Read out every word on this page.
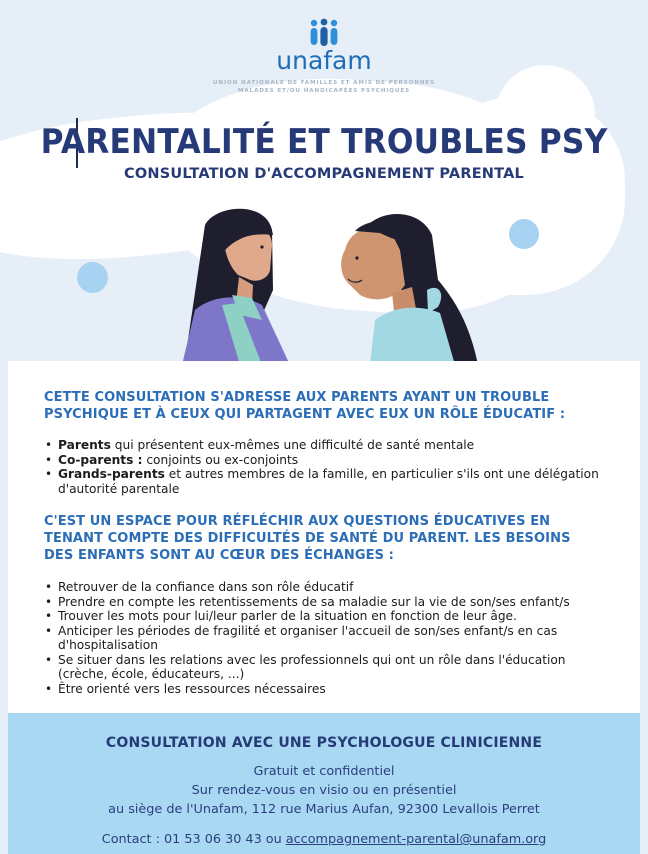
unafam
UNION NATIONALE DE FAMILLES ET AMIS DE PERSONNES
MALADES ET/OU HANDICAPÉES PSYCHIQUES
PARENTALITÉ ET TROUBLES PSY
CONSULTATION D'ACCOMPAGNEMENT PARENTAL
CETTE CONSULTATION S'ADRESSE AUX PARENTS AYANT UN TROUBLE PSYCHIQUE ET À CEUX QUI PARTAGENT AVEC EUX UN RÔLE ÉDUCATIF :
• Parents qui présentent eux-mêmes une difficulté de santé mentale
• Co-parents : conjoints ou ex-conjoints
• Grands-parents et autres membres de la famille, en particulier s'ils ont une délégation d'autorité parentale
C'EST UN ESPACE POUR RÉFLÉCHIR AUX QUESTIONS ÉDUCATIVES EN TENANT COMPTE DES DIFFICULTÉS DE SANTÉ DU PARENT. LES BESOINS DES ENFANTS SONT AU CŒUR DES ÉCHANGES :
• Retrouver de la confiance dans son rôle éducatif
• Prendre en compte les retentissements de sa maladie sur la vie de son/ses enfant/s
• Trouver les mots pour lui/leur parler de la situation en fonction de leur âge.
• Anticiper les périodes de fragilité et organiser l'accueil de son/ses enfant/s en cas d'hospitalisation
• Se situer dans les relations avec les professionnels qui ont un rôle dans l'éducation (crèche, école, éducateurs, ...)
• Être orienté vers les ressources nécessaires
CONSULTATION AVEC UNE PSYCHOLOGUE CLINICIENNE
Gratuit et confidentiel
Sur rendez-vous en visio ou en présentiel
au siège de l'Unafam, 112 rue Marius Aufan, 92300 Levallois Perret
Contact : 01 53 06 30 43 ou accompagnement-parental@unafam.org
